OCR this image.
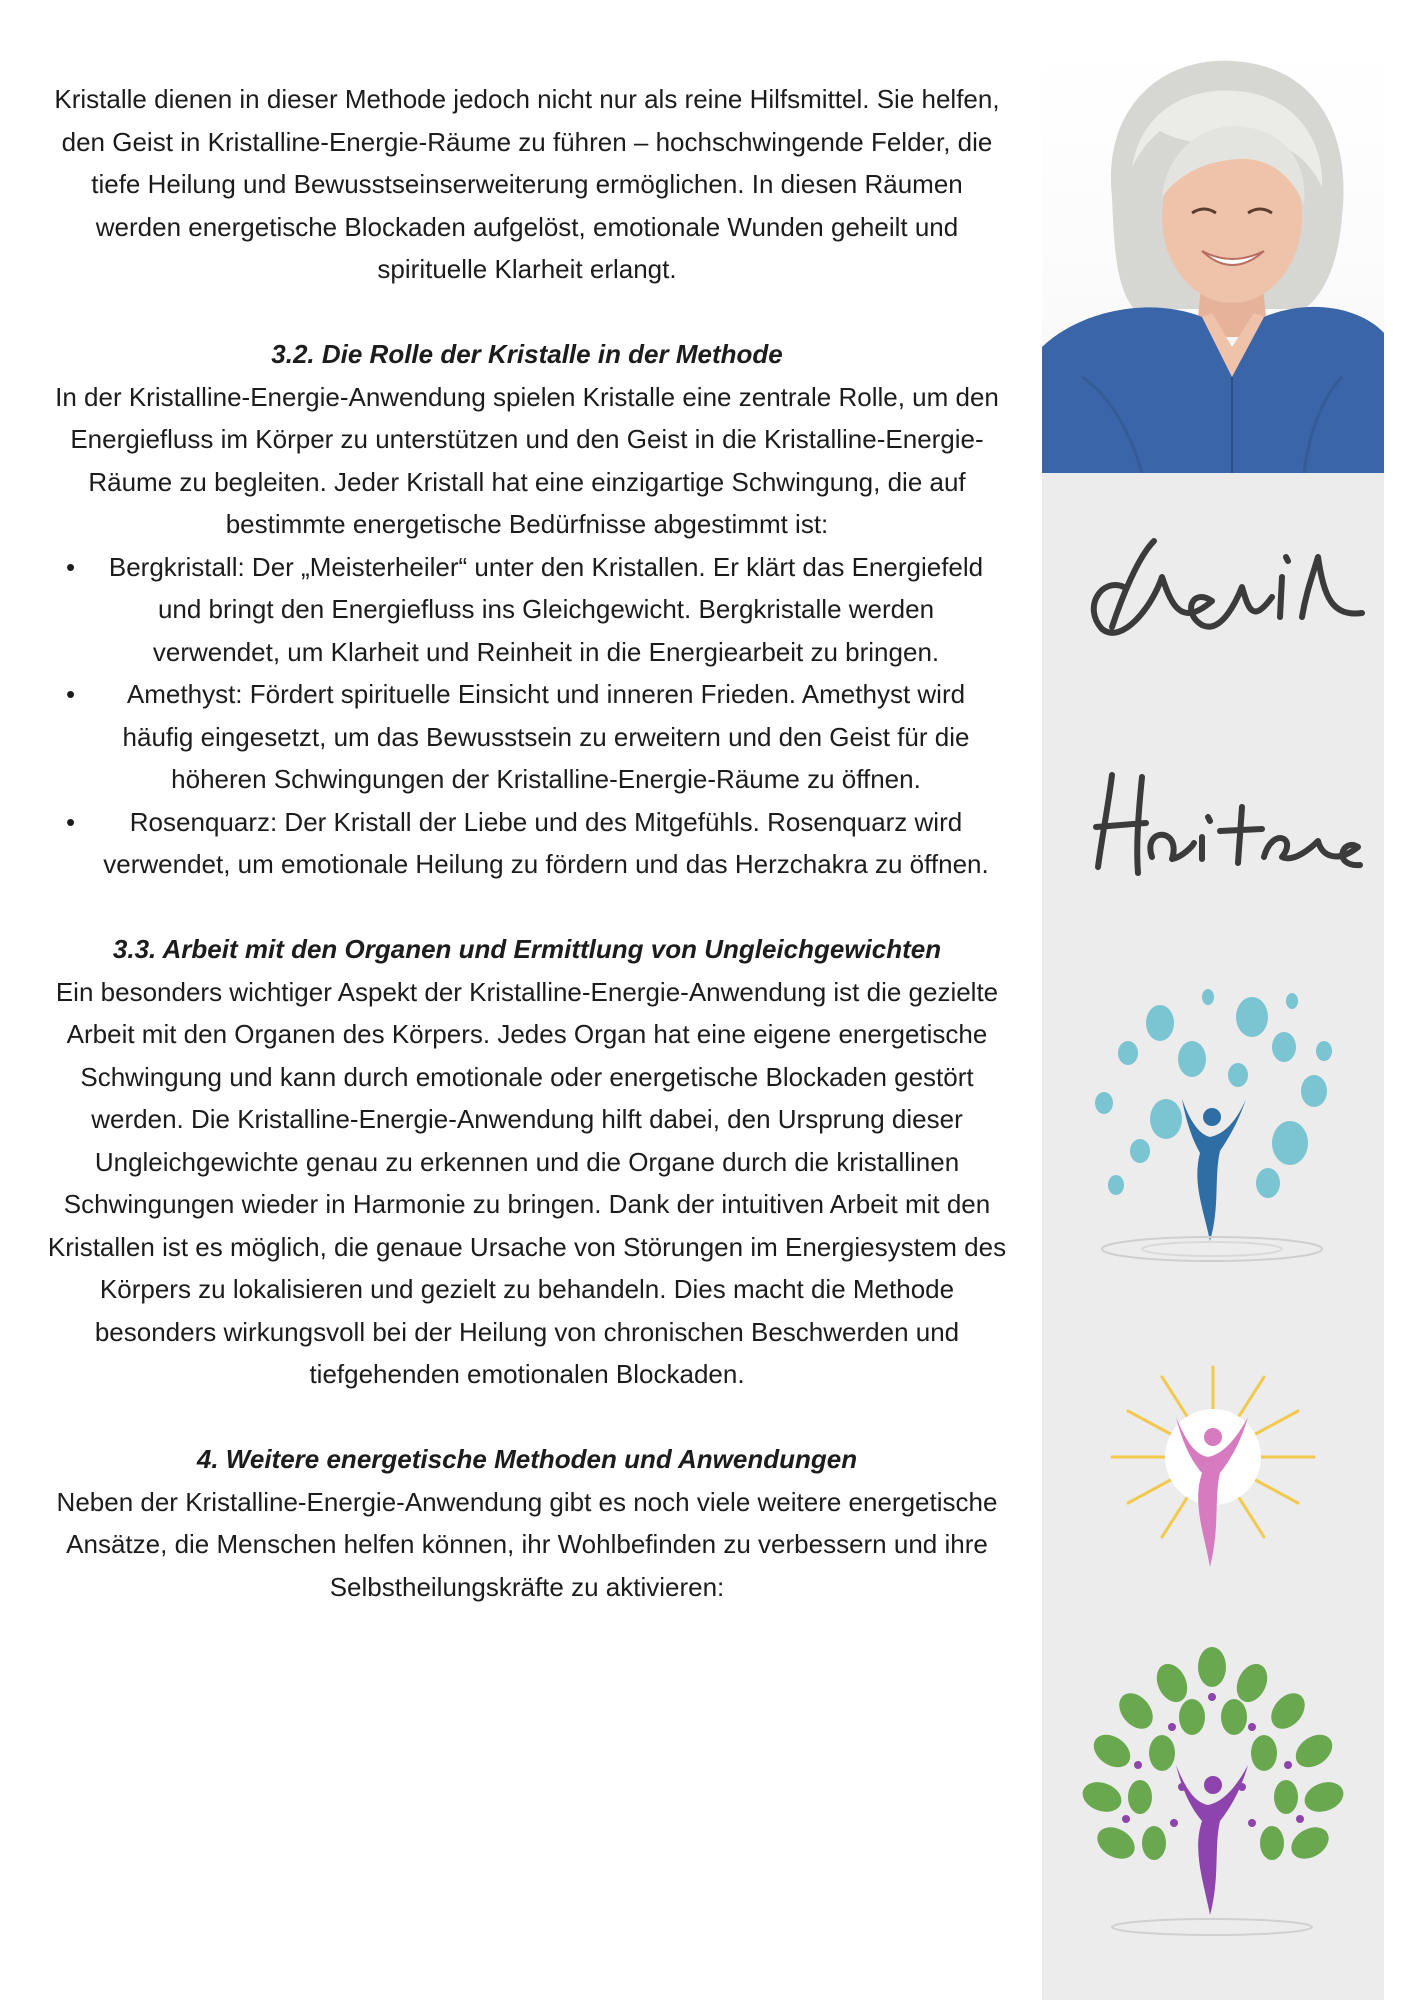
Kristalle dienen in dieser Methode jedoch nicht nur als reine Hilfsmittel. Sie helfen, den Geist in Kristalline-Energie-Räume zu führen – hochschwingende Felder, die tiefe Heilung und Bewusstseinserweiterung ermöglichen. In diesen Räumen werden energetische Blockaden aufgelöst, emotionale Wunden geheilt und spirituelle Klarheit erlangt.

3.2. Die Rolle der Kristalle in der Methode

In der Kristalline-Energie-Anwendung spielen Kristalle eine zentrale Rolle, um den Energiefluss im Körper zu unterstützen und den Geist in die Kristalline-Energie-Räume zu begleiten. Jeder Kristall hat eine einzigartige Schwingung, die auf bestimmte energetische Bedürfnisse abgestimmt ist:

• Bergkristall: Der „Meisterheiler“ unter den Kristallen. Er klärt das Energiefeld und bringt den Energiefluss ins Gleichgewicht. Bergkristalle werden verwendet, um Klarheit und Reinheit in die Energiearbeit zu bringen.
• Amethyst: Fördert spirituelle Einsicht und inneren Frieden. Amethyst wird häufig eingesetzt, um das Bewusstsein zu erweitern und den Geist für die höheren Schwingungen der Kristalline-Energie-Räume zu öffnen.
• Rosenquarz: Der Kristall der Liebe und des Mitgefühls. Rosenquarz wird verwendet, um emotionale Heilung zu fördern und das Herzchakra zu öffnen.
3.3. Arbeit mit den Organen und Ermittlung von Ungleichgewichten

Ein besonders wichtiger Aspekt der Kristalline-Energie-Anwendung ist die gezielte Arbeit mit den Organen des Körpers. Jedes Organ hat eine eigene energetische Schwingung und kann durch emotionale oder energetische Blockaden gestört werden. Die Kristalline-Energie-Anwendung hilft dabei, den Ursprung dieser Ungleichgewichte genau zu erkennen und die Organe durch die kristallinen Schwingungen wieder in Harmonie zu bringen. Dank der intuitiven Arbeit mit den Kristallen ist es möglich, die genaue Ursache von Störungen im Energiesystem des Körpers zu lokalisieren und gezielt zu behandeln. Dies macht die Methode besonders wirkungsvoll bei der Heilung von chronischen Beschwerden und tiefgehenden emotionalen Blockaden.

4. Weitere energetische Methoden und Anwendungen

Neben der Kristalline-Energie-Anwendung gibt es noch viele weitere energetische Ansätze, die Menschen helfen können, ihr Wohlbefinden zu verbessern und ihre Selbstheilungskräfte zu aktivieren:
